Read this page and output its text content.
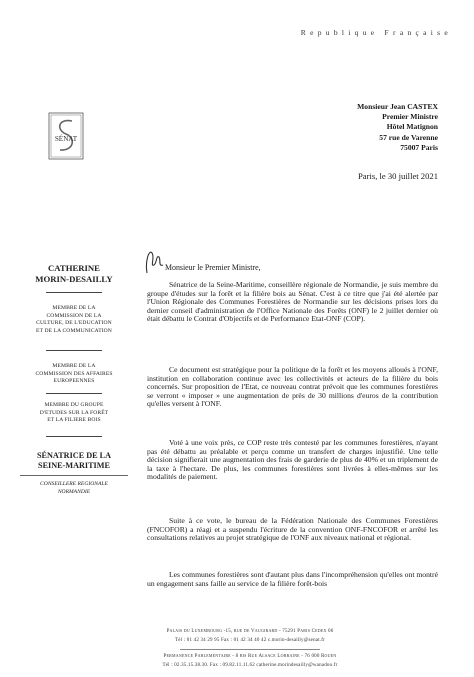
Republique Française
SÉNAT
Monsieur Jean CASTEX
Premier Ministre
Hôtel Matignon
57 rue de Varenne
75007 Paris
Paris, le 30 juillet 2021
CATHERINE
MORIN-DESAILLY
MEMBRE DE LA
COMMISSION DE LA
CULTURE, DE L'EDUCATION
ET DE LA COMMUNICATION
MEMBRE DE LA
COMMISSION DES AFFAIRES
EUROPEENNES
MEMBRE DU GROUPE
D'ETUDES SUR LA FORÊT
ET LA FILIERE BOIS
SÉNATRICE DE LA
SEINE-MARITIME
CONSEILLERE REGIONALE
NORMANDIE
Monsieur le Premier Ministre,

Sénatrice de la Seine-Maritime, conseillère régionale de Normandie, je suis membre du groupe d'études sur la forêt et la filière bois au Sénat. C'est à ce titre que j'ai été alertée par l'Union Régionale des Communes Forestières de Normandie sur les décisions prises lors du dernier conseil d'administration de l'Office Nationale des Forêts (ONF) le 2 juillet dernier où était débattu le Contrat d'Objectifs et de Performance Etat-ONF (COP).

Ce document est stratégique pour la politique de la forêt et les moyens alloués à l'ONF, institution en collaboration continue avec les collectivités et acteurs de la filière du bois concernés. Sur proposition de l'Etat, ce nouveau contrat prévoit que les communes forestières se verront « imposer » une augmentation de près de 30 millions d'euros de la contribution qu'elles versent à l'ONF.

Voté à une voix près, ce COP reste très contesté par les communes forestières, n'ayant pas été débattu au préalable et perçu comme un transfert de charges injustifié. Une telle décision signifierait une augmentation des frais de garderie de plus de 40% et un triplement de la taxe à l'hectare. De plus, les communes forestières sont livrées à elles-mêmes sur les modalités de paiement.

Suite à ce vote, le bureau de la Fédération Nationale des Communes Forestières (FNCOFOR) a réagi et a suspendu l'écriture de la convention ONF-FNCOFOR et arrêté les consultations relatives au projet stratégique de l'ONF aux niveaux national et régional.

Les communes forestières sont d'autant plus dans l'incompréhension qu'elles ont montré un engagement sans faille au service de la filière forêt-bois

Palais du Luxembourg -15, rue de Vaugirard - 75291 Paris Cedex 06
Tél : 01 42 34 29 95 Fax : 01 42 34 40 42 c.morin-desailly@senat.fr
Permanence Parlementaire - 8 bis Rue Alsace Lorraine - 76 000 Rouen
Tél : 02.35.15.38.30. Fax : 09.82.11.11.62 catherine.morindesailly@wanadoo.fr
